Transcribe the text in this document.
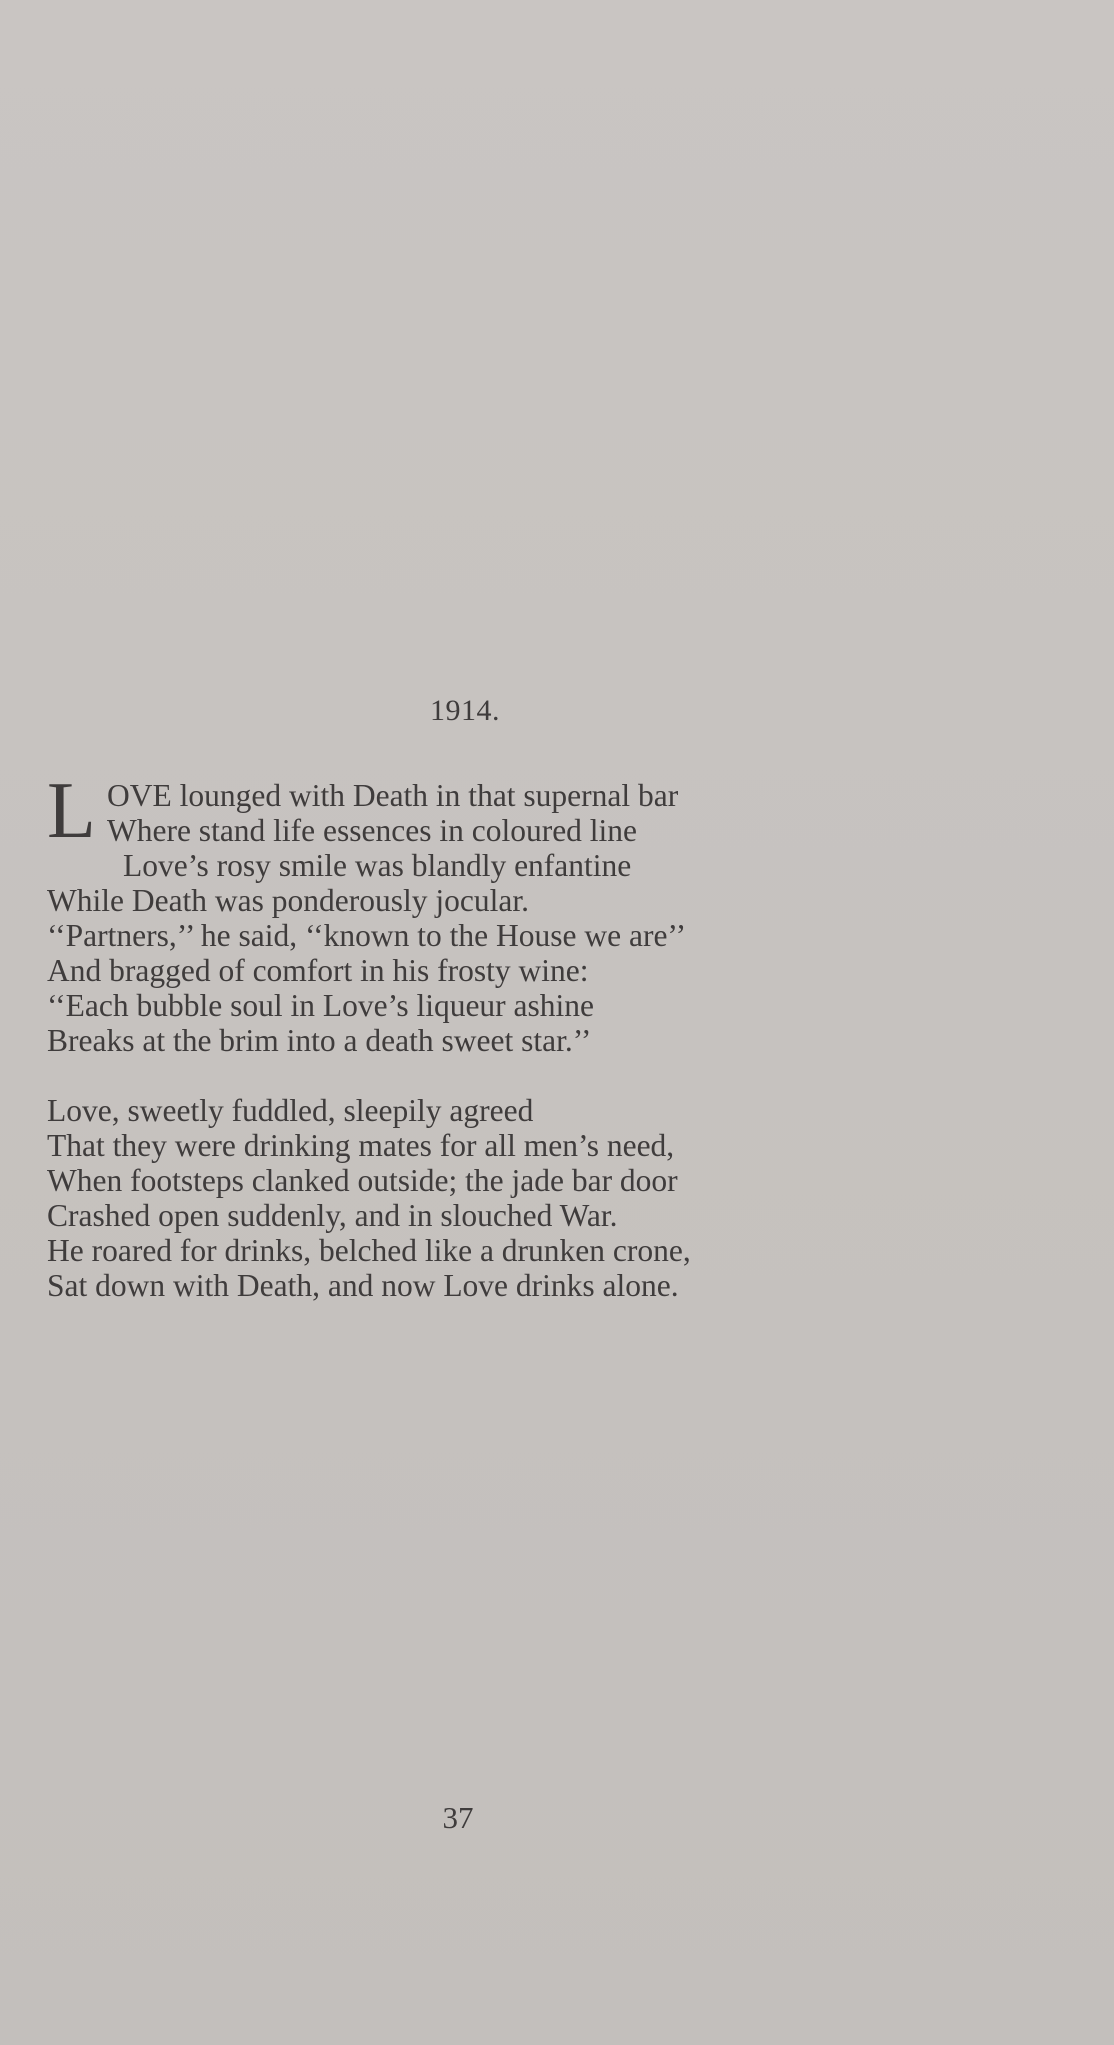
1914.
L OVE lounged with Death in that supernal bar
Where stand life essences in coloured line
Love’s rosy smile was blandly enfantine
While Death was ponderously jocular.
‘‘Partners,’’ he said, ‘‘known to the House we are’’
And bragged of comfort in his frosty wine:
‘‘Each bubble soul in Love’s liqueur ashine
Breaks at the brim into a death sweet star.’’
Love, sweetly fuddled, sleepily agreed
That they were drinking mates for all men’s need,
When footsteps clanked outside; the jade bar door
Crashed open suddenly, and in slouched War.
He roared for drinks, belched like a drunken crone,
Sat down with Death, and now Love drinks alone.
37
